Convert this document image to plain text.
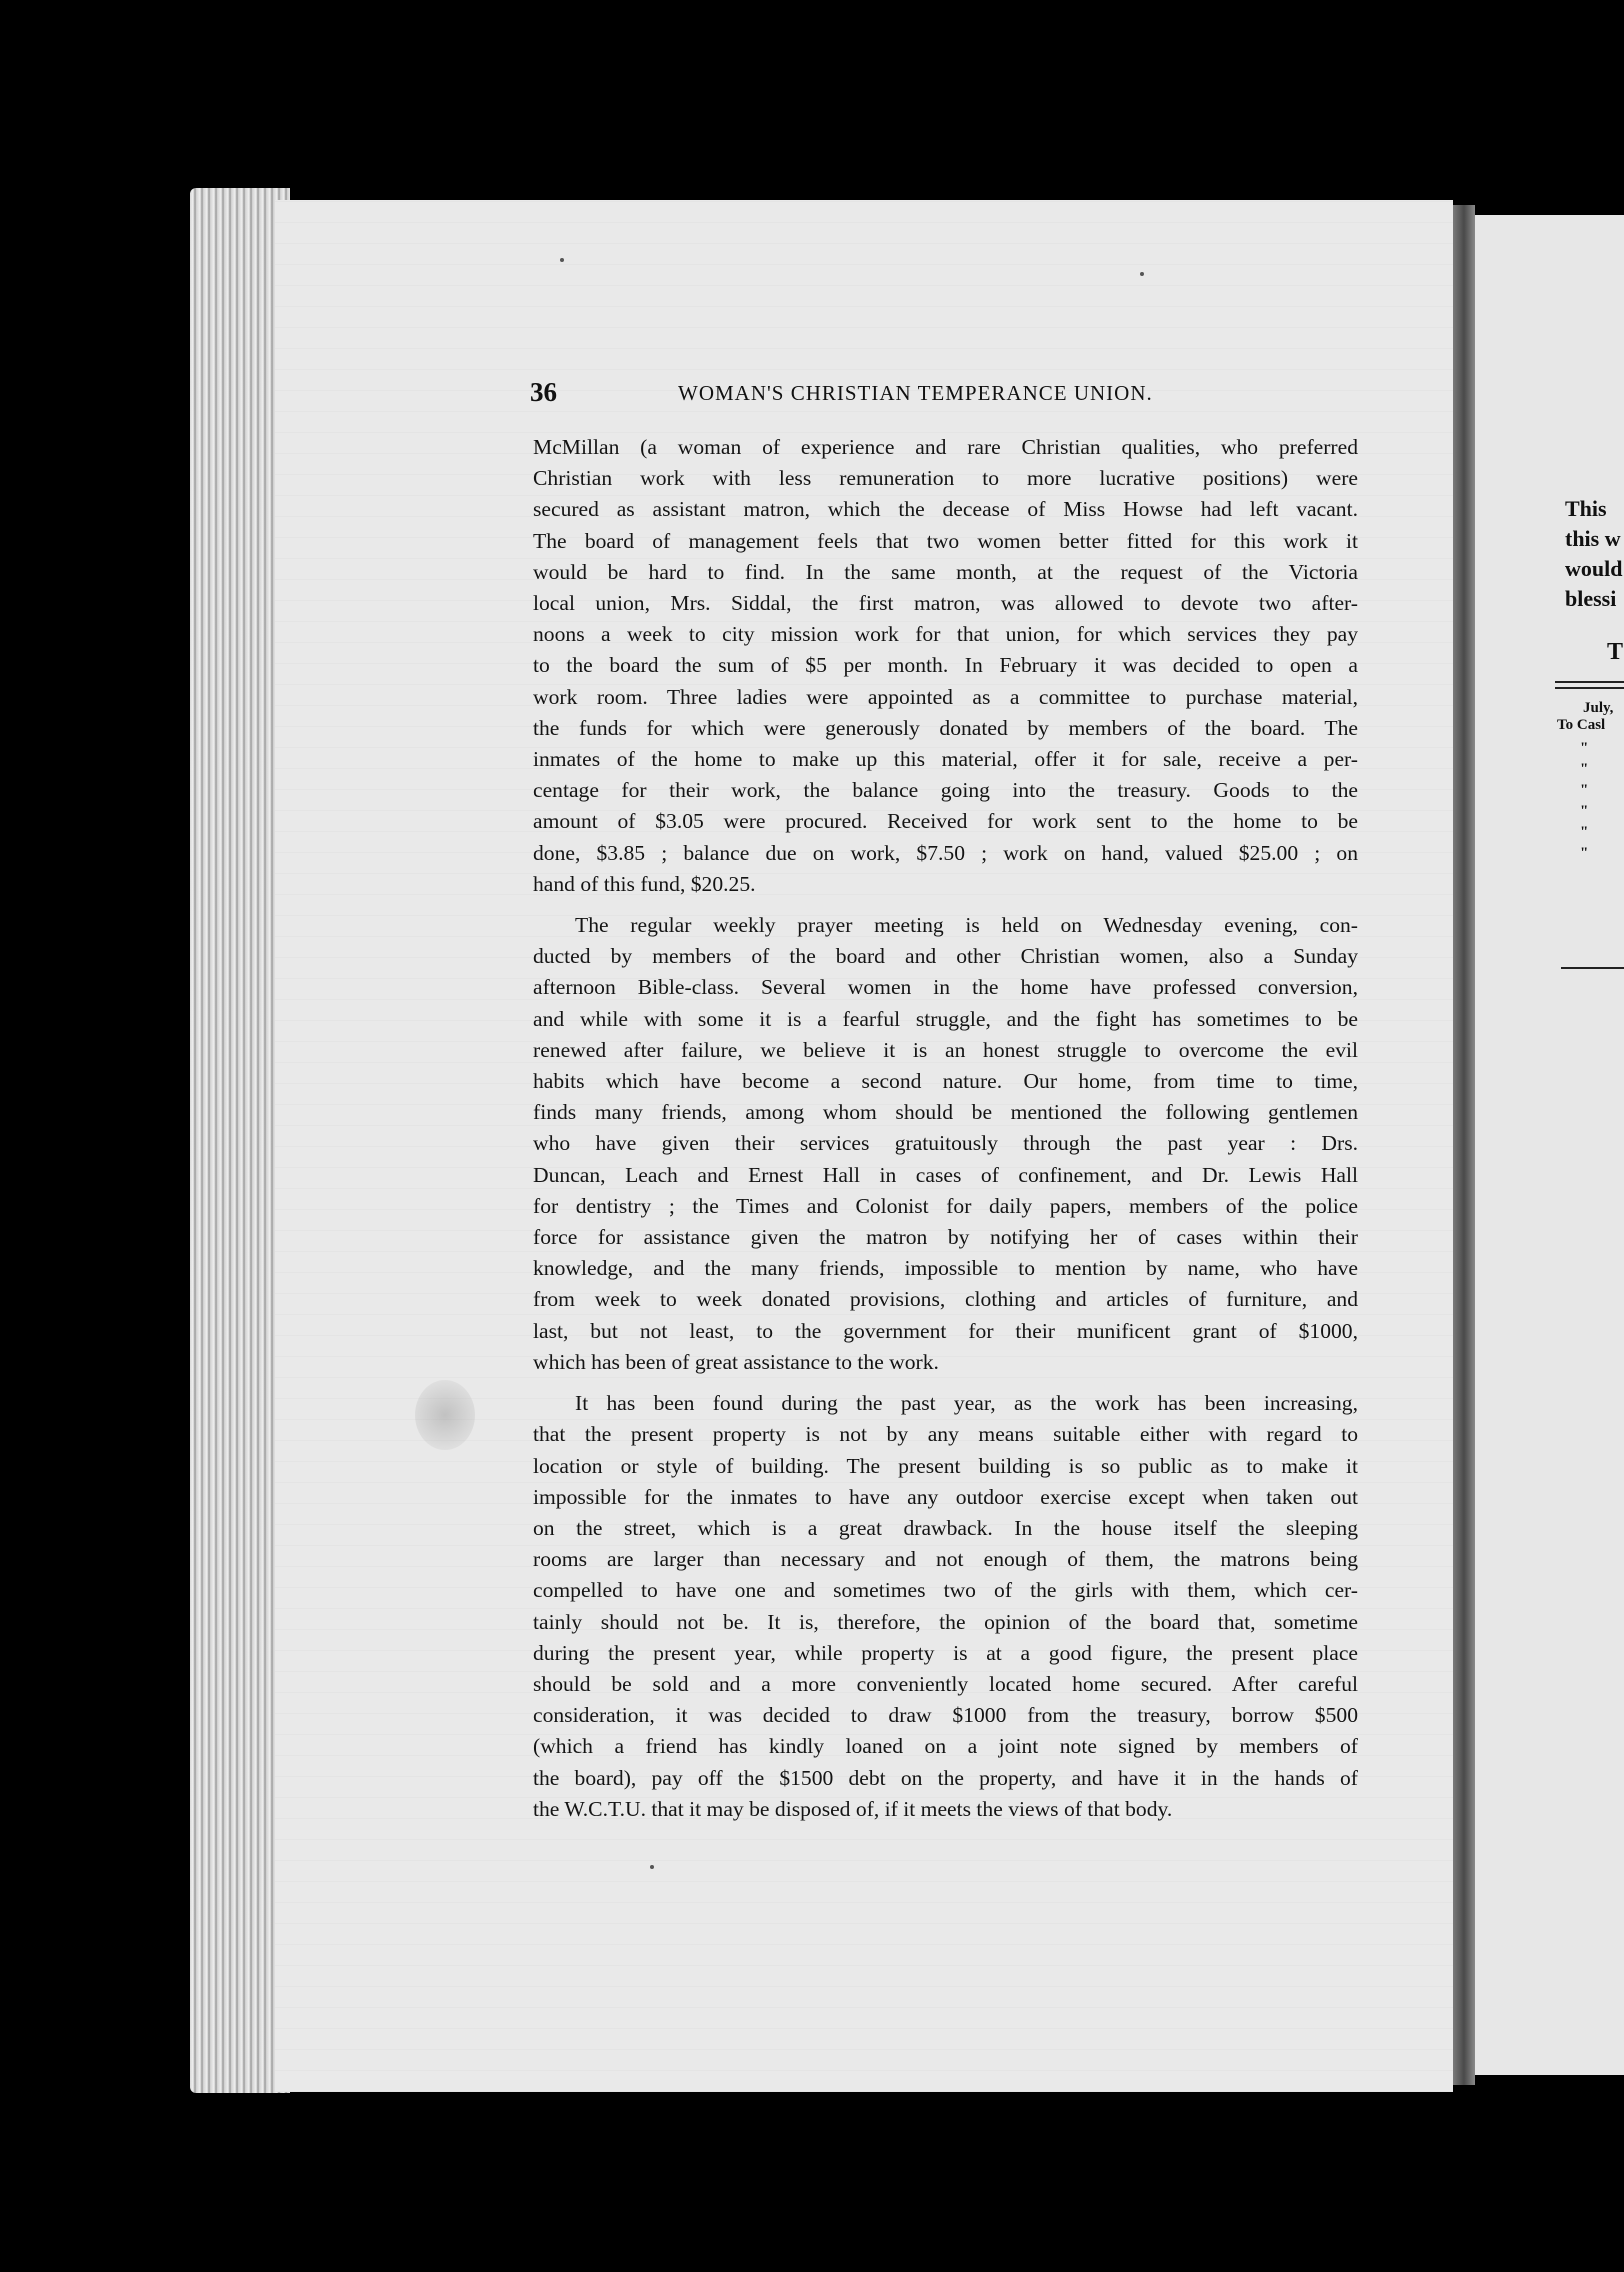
This
this w
would
blessi
T
July,
To Casl
"
"
"
"
"
"
36	WOMAN'S CHRISTIAN TEMPERANCE UNION.
McMillan (a woman of experience and rare Christian qualities, who preferred
Christian work with less remuneration to more lucrative positions) were
secured as assistant matron, which the decease of Miss Howse had left vacant.
The board of management feels that two women better fitted for this work it
would be hard to find. In the same month, at the request of the Victoria
local union, Mrs. Siddal, the first matron, was allowed to devote two after-
noons a week to city mission work for that union, for which services they pay
to the board the sum of $5 per month. In February it was decided to open a
work room. Three ladies were appointed as a committee to purchase material,
the funds for which were generously donated by members of the board. The
inmates of the home to make up this material, offer it for sale, receive a per-
centage for their work, the balance going into the treasury. Goods to the
amount of $3.05 were procured. Received for work sent to the home to be
done, $3.85 ; balance due on work, $7.50 ; work on hand, valued $25.00 ; on
hand of this fund, $20.25.
The regular weekly prayer meeting is held on Wednesday evening, con-
ducted by members of the board and other Christian women, also a Sunday
afternoon Bible-class. Several women in the home have professed conversion,
and while with some it is a fearful struggle, and the fight has sometimes to be
renewed after failure, we believe it is an honest struggle to overcome the evil
habits which have become a second nature. Our home, from time to time,
finds many friends, among whom should be mentioned the following gentlemen
who have given their services gratuitously through the past year : Drs.
Duncan, Leach and Ernest Hall in cases of confinement, and Dr. Lewis Hall
for dentistry ; the Times and Colonist for daily papers, members of the police
force for assistance given the matron by notifying her of cases within their
knowledge, and the many friends, impossible to mention by name, who have
from week to week donated provisions, clothing and articles of furniture, and
last, but not least, to the government for their munificent grant of $1000,
which has been of great assistance to the work.
It has been found during the past year, as the work has been increasing,
that the present property is not by any means suitable either with regard to
location or style of building. The present building is so public as to make it
impossible for the inmates to have any outdoor exercise except when taken out
on the street, which is a great drawback. In the house itself the sleeping
rooms are larger than necessary and not enough of them, the matrons being
compelled to have one and sometimes two of the girls with them, which cer-
tainly should not be. It is, therefore, the opinion of the board that, sometime
during the present year, while property is at a good figure, the present place
should be sold and a more conveniently located home secured. After careful
consideration, it was decided to draw $1000 from the treasury, borrow $500
(which a friend has kindly loaned on a joint note signed by members of
the board), pay off the $1500 debt on the property, and have it in the hands of
the W.C.T.U. that it may be disposed of, if it meets the views of that body.
